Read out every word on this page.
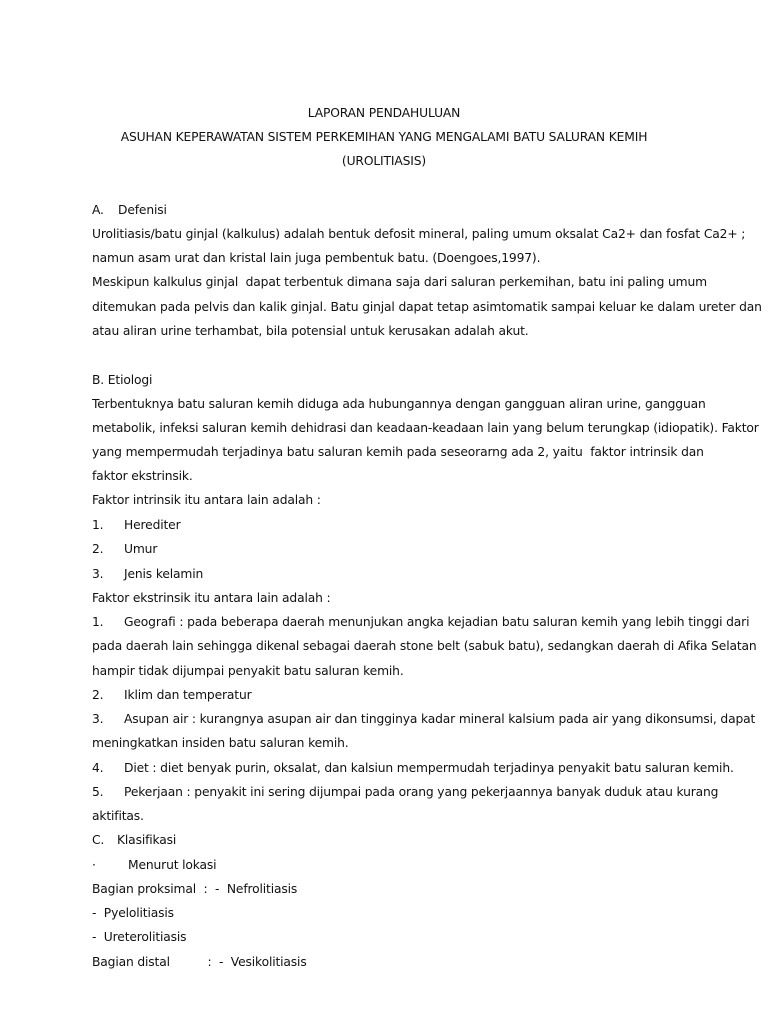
LAPORAN PENDAHULUAN
ASUHAN KEPERAWATAN SISTEM PERKEMIHAN YANG MENGALAMI BATU SALURAN KEMIH
(UROLITIASIS)
A. Defenisi
Urolitiasis/batu ginjal (kalkulus) adalah bentuk defosit mineral, paling umum oksalat Ca2+ dan fosfat Ca2+ ;
namun asam urat dan kristal lain juga pembentuk batu. (Doengoes,1997).
Meskipun kalkulus ginjal  dapat terbentuk dimana saja dari saluran perkemihan, batu ini paling umum
ditemukan pada pelvis dan kalik ginjal. Batu ginjal dapat tetap asimtomatik sampai keluar ke dalam ureter dan
atau aliran urine terhambat, bila potensial untuk kerusakan adalah akut.
B. Etiologi
Terbentuknya batu saluran kemih diduga ada hubungannya dengan gangguan aliran urine, gangguan
metabolik, infeksi saluran kemih dehidrasi dan keadaan-keadaan lain yang belum terungkap (idiopatik). Faktor
yang mempermudah terjadinya batu saluran kemih pada seseorarng ada 2, yaitu  faktor intrinsik dan
faktor ekstrinsik.
Faktor intrinsik itu antara lain adalah :
1. Herediter
2. Umur
3. Jenis kelamin
Faktor ekstrinsik itu antara lain adalah :
1. Geografi : pada beberapa daerah menunjukan angka kejadian batu saluran kemih yang lebih tinggi dari
pada daerah lain sehingga dikenal sebagai daerah stone belt (sabuk batu), sedangkan daerah di Afika Selatan
hampir tidak dijumpai penyakit batu saluran kemih.
2. Iklim dan temperatur
3. Asupan air : kurangnya asupan air dan tingginya kadar mineral kalsium pada air yang dikonsumsi, dapat
meningkatkan insiden batu saluran kemih.
4. Diet : diet benyak purin, oksalat, dan kalsiun mempermudah terjadinya penyakit batu saluran kemih.
5. Pekerjaan : penyakit ini sering dijumpai pada orang yang pekerjaannya banyak duduk atau kurang
aktifitas.
C. Klasifikasi
·	Menurut lokasi
Bagian proksimal  :  -  Nefrolitiasis
-  Pyelolitiasis
-  Ureterolitiasis
Bagian distal          :  -  Vesikolitiasis
